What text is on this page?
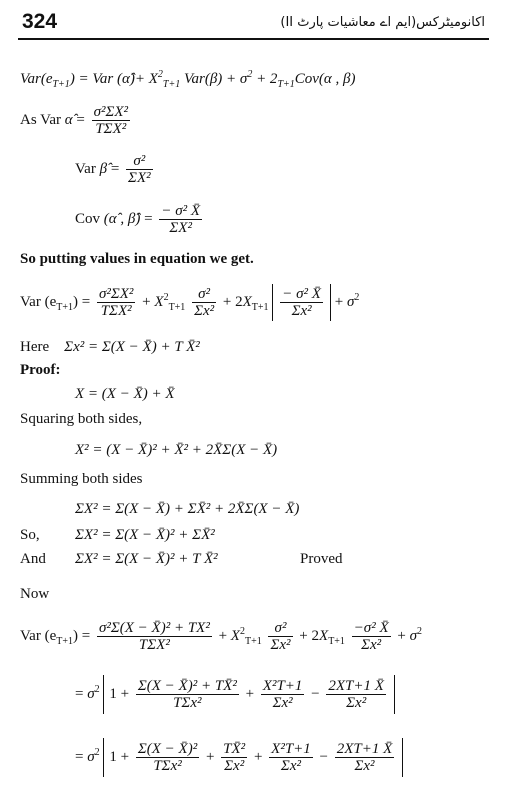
324	اکانومیٹرکس(ایم اے معاشیات پارٹ II)
$Var(e_{T+1})$ = Var (α̂)+ $X^2_{T+1}$ $Var(\beta) + \sigma^2 + 2_{T+1}Cov(\alpha$ , β)
As Var α̂ = $\frac{\text{σ²ΣX²}}{\text{TΣX²}}$
Var β̂ = $\frac{\text{σ²}}{\text{ΣX²}}$
Cov (α̂ , β̂) = $\frac{\text{− σ² X̄}}{\text{ΣX²}}$
So putting values in equation we get.
Var $(e_{T+1}) = \frac{\text{σ²ΣX²}}{\text{TΣX²}} + X^2_{T+1} \frac{\text{σ²}}{\text{Σx²}} + 2X_{T+1} \frac{\text{− σ² X̄}}{\text{Σx²}} + \sigma^2$
Here Σx² = Σ(X − X̄) + T X̄²
Proof:
X = (X − X̄) + X̄
Squaring both sides,
X² = (X − X̄)² + X̄² + 2X̄Σ(X − X̄)
Summing both sides
ΣX² = Σ(X − X̄) + ΣX̄² + 2X̄Σ(X − X̄)
So, ΣX² = Σ(X − X̄)² + ΣX̄²
And ΣX² = Σ(X − X̄)² + T X̄²	Proved
Now
Var $(e_{T+1}) = \frac{\text{σ²Σ(X − X̄)² + TX²}}{\text{TΣX²}} + X^2_{T+1} \frac{\text{σ²}}{\text{Σx²}} + 2X_{T+1} \frac{\text{−σ² X̄}}{\text{Σx²}} + \sigma^2$
= $\sigma^2$ $1 + \frac{\text{Σ(X − X̄)² + TX̄²}}{\text{TΣx²}} + \frac{\text{X²T+1}}{\text{Σx²}} - \frac{2XT+1 X̄}{\text{Σx²}}$
= $\sigma^2$ $1 + \frac{\text{Σ(X − X̄)²}}{\text{TΣx²}} + \frac{\text{TX̄²}}{\text{Σx²}} + \frac{\text{X²T+1}}{\text{Σx²}} - \frac{2XT+1 X̄}{\text{Σx²}}$
